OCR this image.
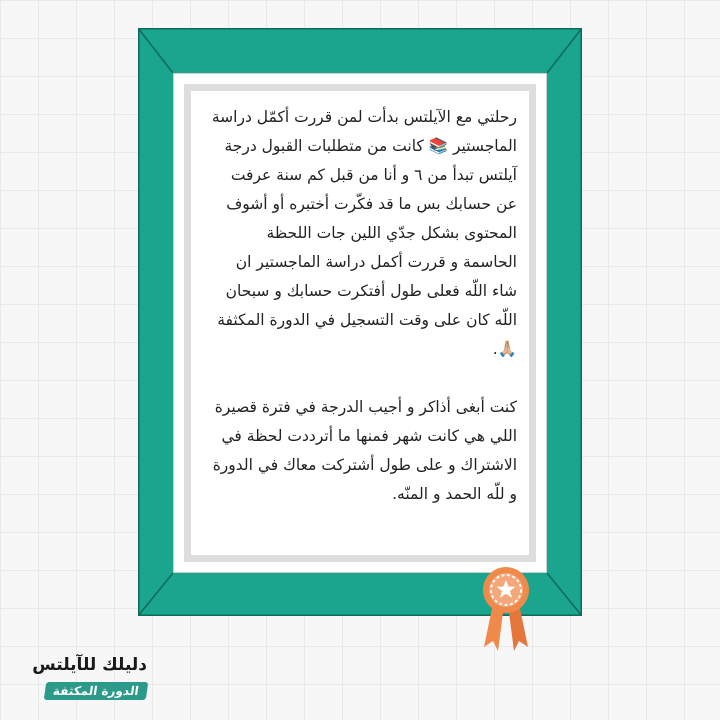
رحلتي مع الآيلتس بدأت لمن قررت أكمّل دراسة الماجستير 📚 كانت من متطلبات القبول درجة آيلتس تبدأ من ٦ و أنا من قبل كم سنة عرفت عن حسابك بس ما قد فكّرت أختبره أو أشوف المحتوى بشكل جدّي اللين جات اللحظة الحاسمة و قررت أكمل دراسة الماجستير ان شاء اللّه فعلى طول أفتكرت حسابك و سبحان اللّه كان على وقت التسجيل في الدورة المكثفة 🙏🏼.

كنت أبغى أذاكر و أجيب الدرجة في فترة قصيرة اللي هي كانت شهر فمنها ما أترددت لحظة في الاشتراك و على طول أشتركت معاك في الدورة و للّه الحمد و المنّه.

دليلك للآيلتس
الدورة المكثفة
